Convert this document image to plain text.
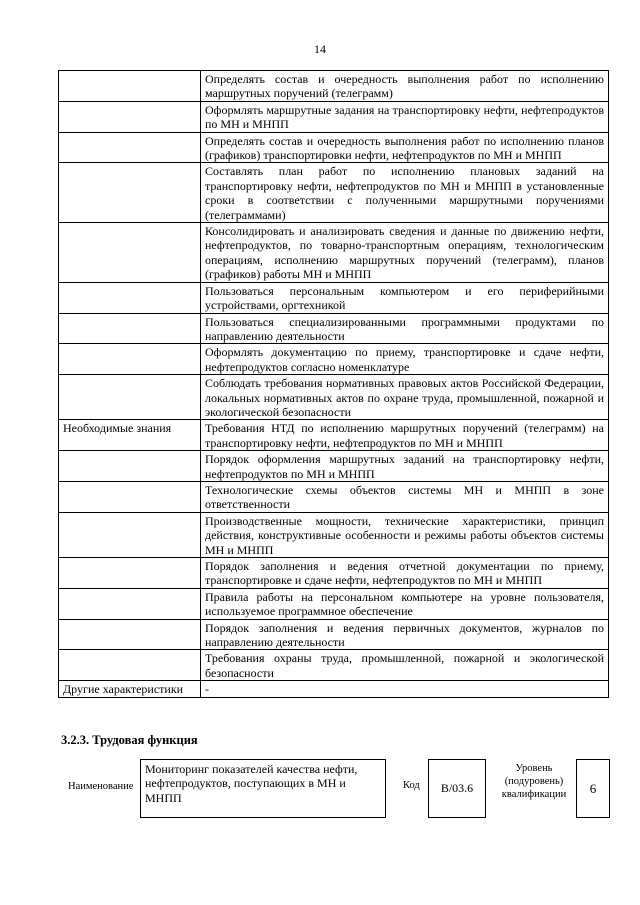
14
	Определять состав и очередность выполнения работ по исполнению маршрутных поручений (телеграмм)
	Оформлять маршрутные задания на транспортировку нефти, нефтепродуктов по МН и МНПП
	Определять состав и очередность выполнения работ по исполнению планов (графиков) транспортировки нефти, нефтепродуктов по МН и МНПП
	Составлять план работ по исполнению плановых заданий на транспортировку нефти, нефтепродуктов по МН и МНПП в установленные сроки в соответствии с полученными маршрутными поручениями (телеграммами)
	Консолидировать и анализировать сведения и данные по движению нефти, нефтепродуктов, по товарно-транспортным операциям, технологическим операциям, исполнению маршрутных поручений (телеграмм), планов (графиков) работы МН и МНПП
	Пользоваться персональным компьютером и его периферийными устройствами, оргтехникой
	Пользоваться специализированными программными продуктами по направлению деятельности
	Оформлять документацию по приему, транспортировке и сдаче нефти, нефтепродуктов согласно номенклатуре
	Соблюдать требования нормативных правовых актов Российской Федерации, локальных нормативных актов по охране труда, промышленной, пожарной и экологической безопасности
Необходимые знания	Требования НТД по исполнению маршрутных поручений (телеграмм) на транспортировку нефти, нефтепродуктов по МН и МНПП
	Порядок оформления маршрутных заданий на транспортировку нефти, нефтепродуктов по МН и МНПП
	Технологические схемы объектов системы МН и МНПП в зоне ответственности
	Производственные мощности, технические характеристики, принцип действия, конструктивные особенности и режимы работы объектов системы МН и МНПП
	Порядок заполнения и ведения отчетной документации по приему, транспортировке и сдаче нефти, нефтепродуктов по МН и МНПП
	Правила работы на персональном компьютере на уровне пользователя, используемое программное обеспечение
	Порядок заполнения и ведения первичных документов, журналов по направлению деятельности
	Требования охраны труда, промышленной, пожарной и экологической безопасности
Другие характеристики	-
3.2.3. Трудовая функция
Наименование
Мониторинг показателей качества нефти, нефтепродуктов, поступающих в МН и МНПП
Код B/03.6
Уровень
(подуровень)
квалификации	6
